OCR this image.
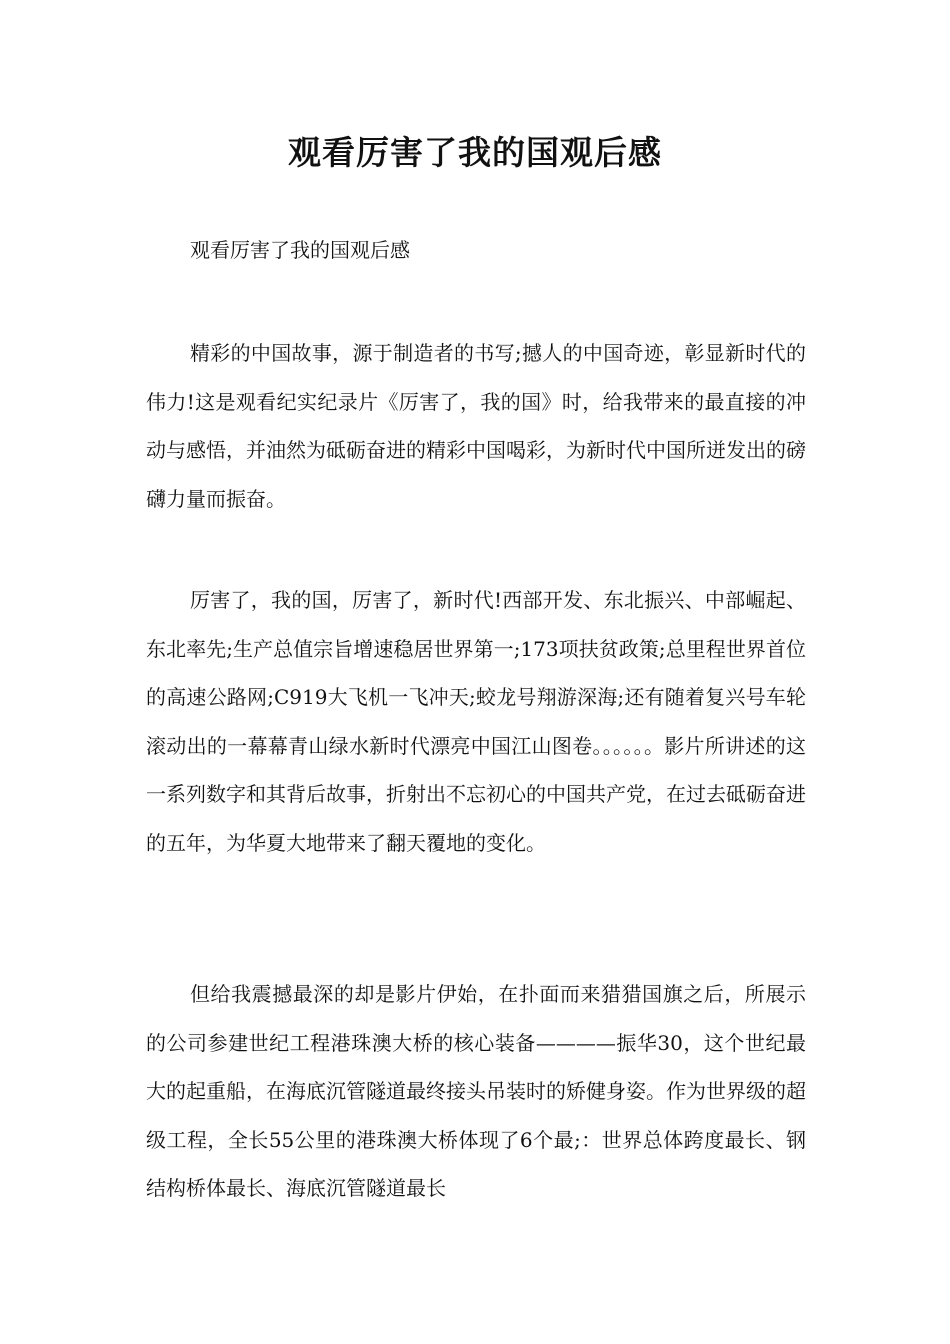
观看厉害了我的国观后感
观看厉害了我的国观后感

精彩的中国故事，源于制造者的书写;撼人的中国奇迹，彰显新时代的伟力!这是观看纪实纪录片《厉害了，我的国》时，给我带来的最直接的冲动与感悟，并油然为砥砺奋进的精彩中国喝彩，为新时代中国所迸发出的磅礴力量而振奋。

厉害了，我的国，厉害了，新时代!西部开发、东北振兴、中部崛起、东北率先;生产总值宗旨增速稳居世界第一;173项扶贫政策;总里程世界首位的高速公路网;C919大飞机一飞冲天;蛟龙号翔游深海;还有随着复兴号车轮滚动出的一幕幕青山绿水新时代漂亮中国江山图卷。。。。。。影片所讲述的这一系列数字和其背后故事，折射出不忘初心的中国共产党，在过去砥砺奋进的五年，为华夏大地带来了翻天覆地的变化。

但给我震撼最深的却是影片伊始，在扑面而来猎猎国旗之后，所展示的公司参建世纪工程港珠澳大桥的核心装备————振华30，这个世纪最大的起重船，在海底沉管隧道最终接头吊装时的矫健身姿。作为世界级的超级工程，全长55公里的港珠澳大桥体现了6个最;：世界总体跨度最长、钢结构桥体最长、海底沉管隧道最长
